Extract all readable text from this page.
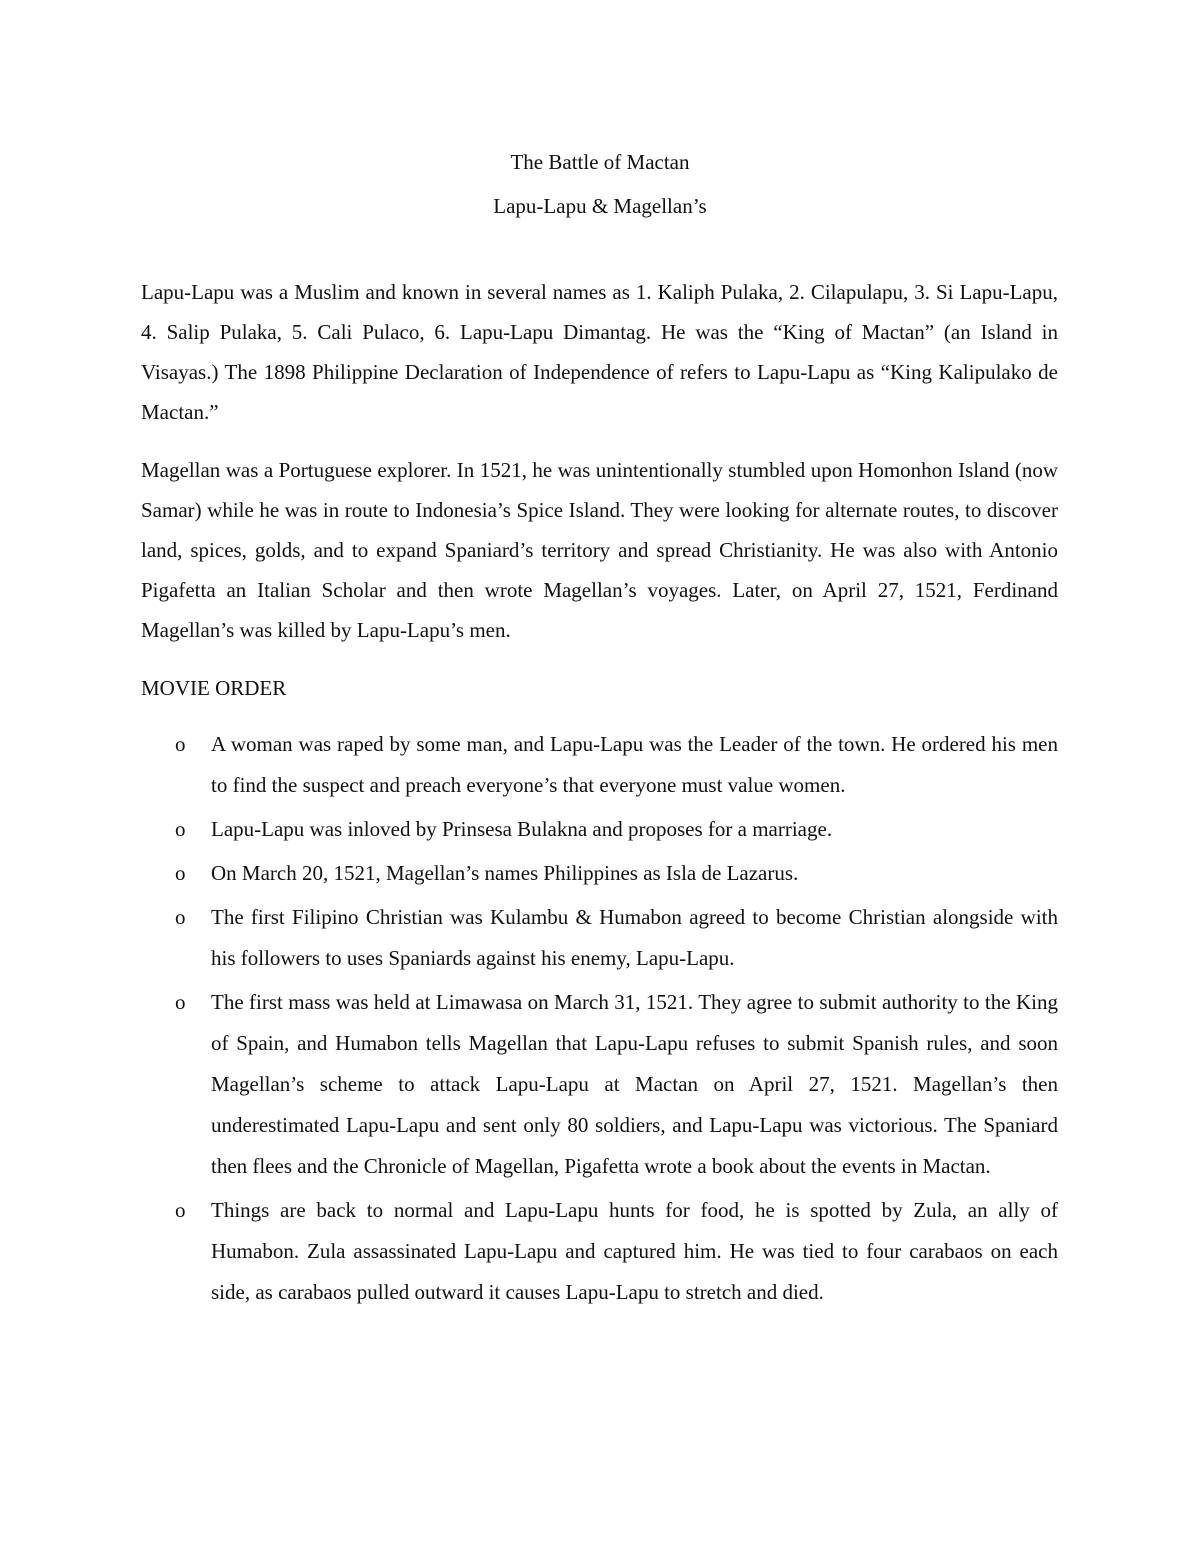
The Battle of Mactan
Lapu-Lapu & Magellan’s

Lapu-Lapu was a Muslim and known in several names as 1. Kaliph Pulaka, 2. Cilapulapu, 3. Si Lapu-Lapu, 4. Salip Pulaka, 5. Cali Pulaco, 6. Lapu-Lapu Dimantag. He was the “King of Mactan” (an Island in Visayas.) The 1898 Philippine Declaration of Independence of refers to Lapu-Lapu as “King Kalipulako de Mactan.”

Magellan was a Portuguese explorer. In 1521, he was unintentionally stumbled upon Homonhon Island (now Samar) while he was in route to Indonesia’s Spice Island. They were looking for alternate routes, to discover land, spices, golds, and to expand Spaniard’s territory and spread Christianity. He was also with Antonio Pigafetta an Italian Scholar and then wrote Magellan’s voyages. Later, on April 27, 1521, Ferdinand Magellan’s was killed by Lapu-Lapu’s men.

MOVIE ORDER
o A woman was raped by some man, and Lapu-Lapu was the Leader of the town. He ordered his men to find the suspect and preach everyone’s that everyone must value women.
o Lapu-Lapu was inloved by Prinsesa Bulakna and proposes for a marriage.
o On March 20, 1521, Magellan’s names Philippines as Isla de Lazarus.
o The first Filipino Christian was Kulambu & Humabon agreed to become Christian alongside with his followers to uses Spaniards against his enemy, Lapu-Lapu.
o The first mass was held at Limawasa on March 31, 1521. They agree to submit authority to the King of Spain, and Humabon tells Magellan that Lapu-Lapu refuses to submit Spanish rules, and soon Magellan’s scheme to attack Lapu-Lapu at Mactan on April 27, 1521. Magellan’s then underestimated Lapu-Lapu and sent only 80 soldiers, and Lapu-Lapu was victorious. The Spaniard then flees and the Chronicle of Magellan, Pigafetta wrote a book about the events in Mactan.
o Things are back to normal and Lapu-Lapu hunts for food, he is spotted by Zula, an ally of Humabon. Zula assassinated Lapu-Lapu and captured him. He was tied to four carabaos on each side, as carabaos pulled outward it causes Lapu-Lapu to stretch and died.
